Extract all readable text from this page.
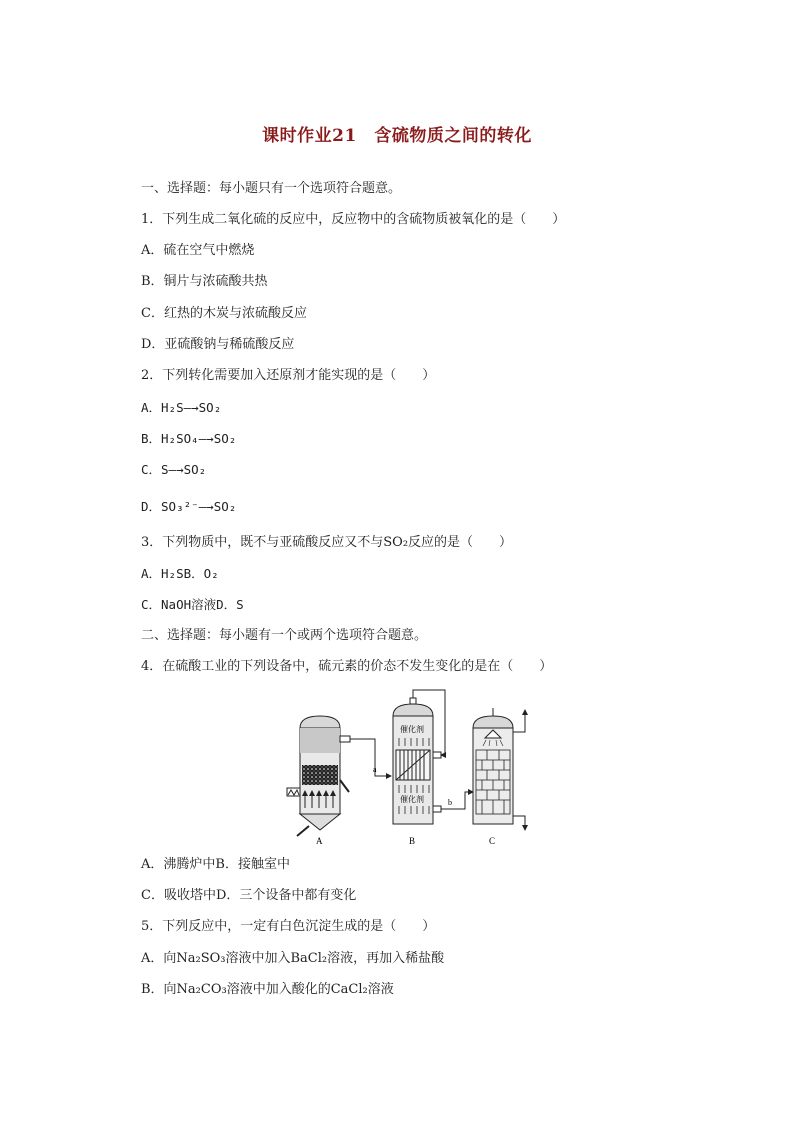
课时作业21　含硫物质之间的转化
一、选择题：每小题只有一个选项符合题意。
1．下列生成二氧化硫的反应中，反应物中的含硫物质被氧化的是（　　）
A．硫在空气中燃烧
B．铜片与浓硫酸共热
C．红热的木炭与浓硫酸反应
D．亚硫酸钠与稀硫酸反应
2．下列转化需要加入还原剂才能实现的是（　　）
A．H₂S―→SO₂
B．H₂SO₄―→SO₂
C．S―→SO₂
D．SO₃²⁻―→SO₂
3．下列物质中，既不与亚硫酸反应又不与SO₂反应的是（　　）
A．H₂SB．O₂
C．NaOH溶液D．S
二、选择题：每小题有一个或两个选项符合题意。
4．在硫酸工业的下列设备中，硫元素的价态不发生变化的是在（　　）
a
催化剂
催化剂	b
A	B	C
A．沸腾炉中B．接触室中
C．吸收塔中D．三个设备中都有变化
5．下列反应中，一定有白色沉淀生成的是（　　）
A．向Na₂SO₃溶液中加入BaCl₂溶液，再加入稀盐酸
B．向Na₂CO₃溶液中加入酸化的CaCl₂溶液
